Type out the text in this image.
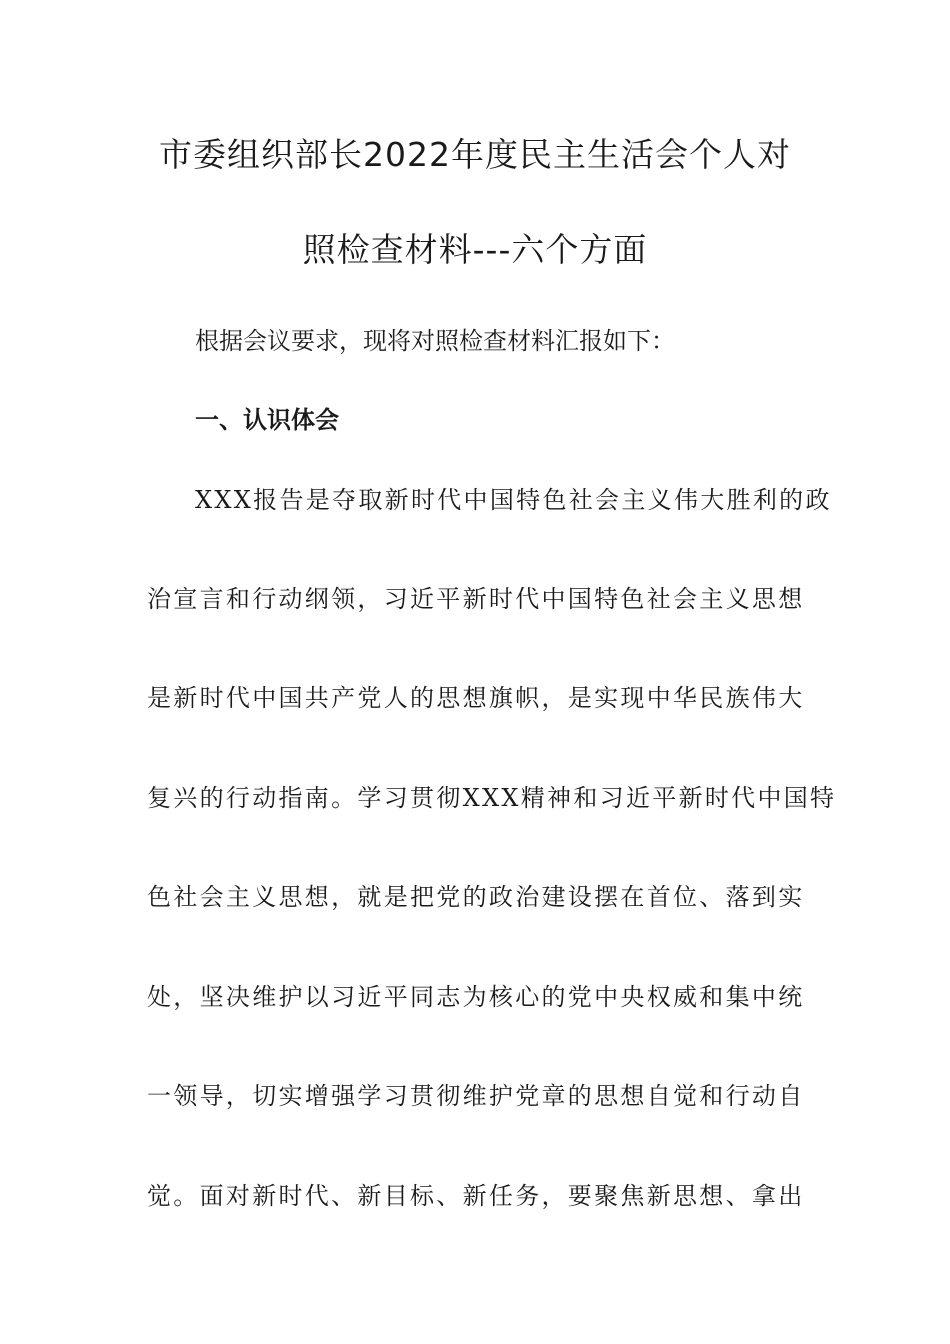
市委组织部长2022年度民主生活会个人对
照检查材料---六个方面
根据会议要求，现将对照检查材料汇报如下：
一、认识体会
XXX报告是夺取新时代中国特色社会主义伟大胜利的政
治宣言和行动纲领，习近平新时代中国特色社会主义思想
是新时代中国共产党人的思想旗帜，是实现中华民族伟大
复兴的行动指南。学习贯彻XXX精神和习近平新时代中国特
色社会主义思想，就是把党的政治建设摆在首位、落到实
处，坚决维护以习近平同志为核心的党中央权威和集中统
一领导，切实增强学习贯彻维护党章的思想自觉和行动自
觉。面对新时代、新目标、新任务，要聚焦新思想、拿出
